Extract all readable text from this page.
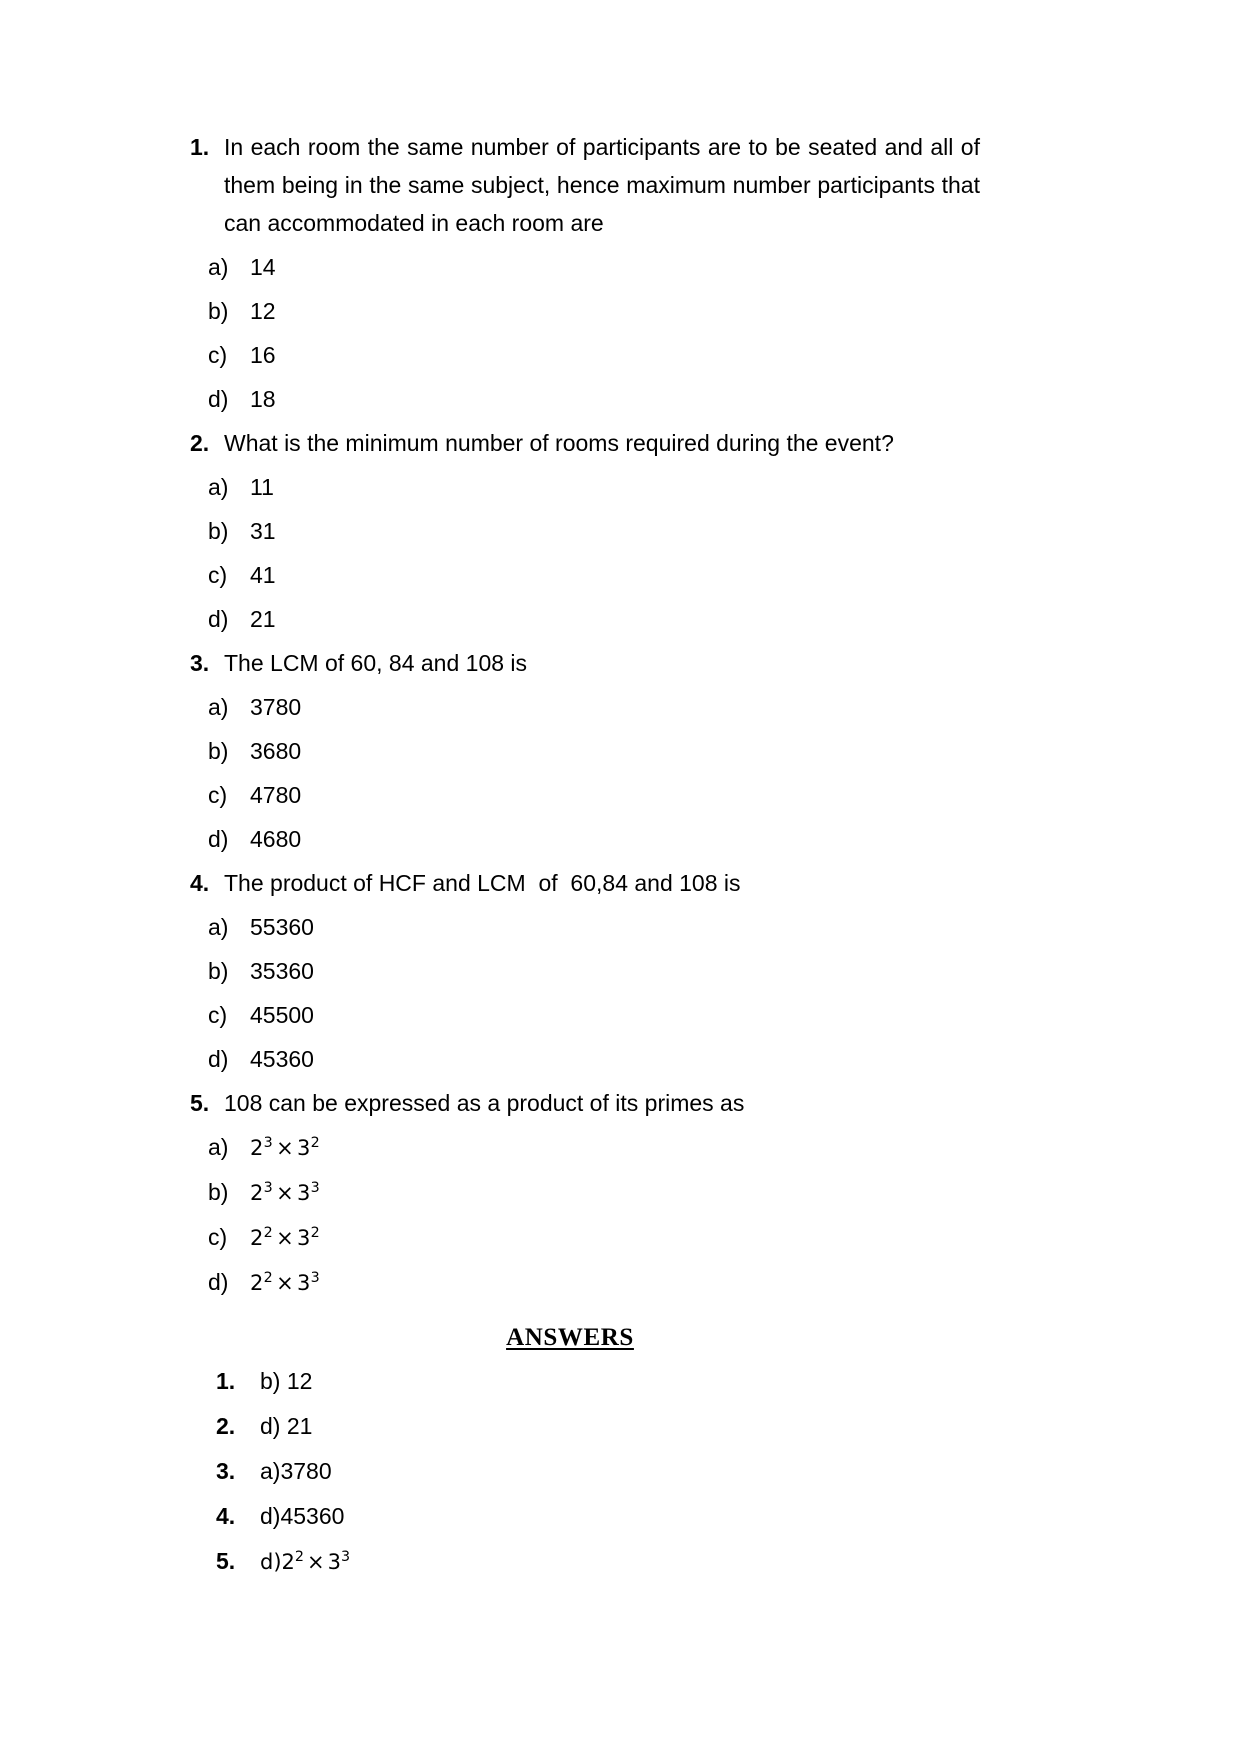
1. In each room the same number of participants are to be seated and all of them being in the same subject, hence maximum number participants that can accommodated in each room are
a) 14
b) 12
c) 16
d) 18
2. What is the minimum number of rooms required during the event?
a) 11
b) 31
c) 41
d) 21
3. The LCM of 60, 84 and 108 is
a) 3780
b) 3680
c) 4780
d) 4680
4. The product of HCF and LCM  of  60,84 and 108 is
a) 55360
b) 35360
c) 45500
d) 45360
5. 108 can be expressed as a product of its primes as
a)	$2^3 \times 3^2$
b)	$2^3 \times 3^3$
c)	$2^2 \times 3^2$
d)	$2^2 \times 3^3$
ANSWERS
1.	b) 12
2.	d) 21
3.	a)3780
4.	d)45360
5.	$d)2^2 \times 3^3$
